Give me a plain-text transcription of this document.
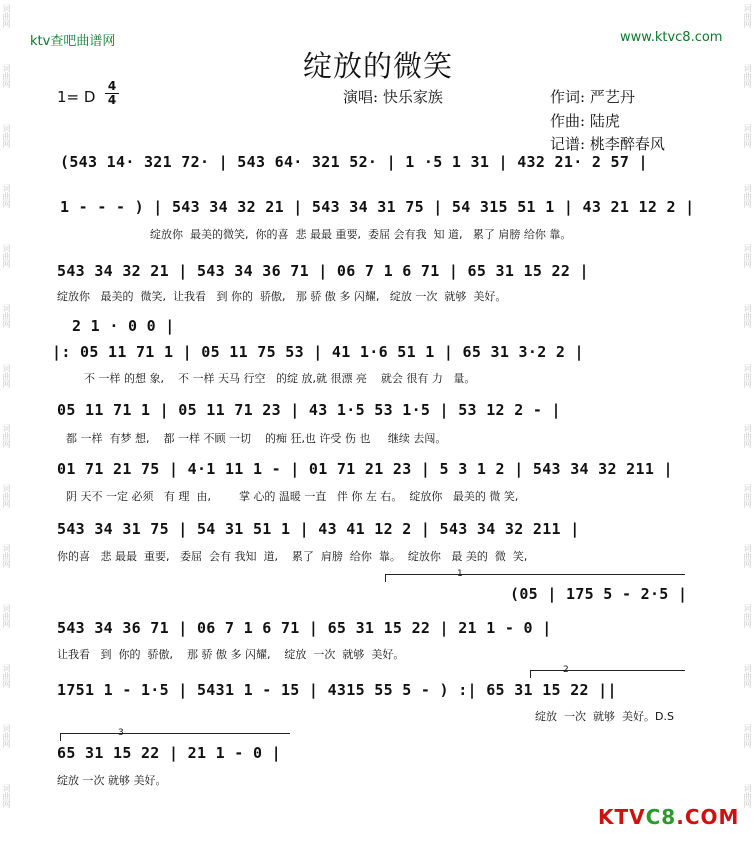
词曲网
词曲网
词曲网
词曲网
词曲网
词曲网
词曲网
词曲网
词曲网
词曲网
词曲网
词曲网
词曲网
词曲网
词曲网
词曲网
词曲网
词曲网
词曲网
词曲网
词曲网
词曲网
词曲网
词曲网
词曲网
词曲网
词曲网
词曲网
ktv查吧曲谱网	www.ktvc8.com
绽放的微笑
1= D
4
4	演唱: 快乐家族	作词: 严艺丹
作曲: 陆虎
记谱: 桃李醉春风
(543 14· 321 72· | 543 64· 321 52· | 1 ·5 1 31 | 432 21· 2 57 |
1 - - - ) | 543 34 32 21 | 543 34 31 75 | 54 315 51 1 | 43 21 12 2 |
绽放你  最美的微笑,  你的喜  悲 最最 重要,  委屈 会有我  知 道,   累了 肩膀 给你 靠。
543 34 32 21 | 543 34 36 71 | 06 7 1 6 71 | 65 31 15 22 |
绽放你   最美的  微笑,  让我看   到 你的  骄傲,   那 骄 傲 多 闪耀,   绽放 一次  就够  美好。
2 1 · 0 0 |
|: 05 11 71 1 | 05 11 75 53 | 41 1·6 51 1 | 65 31 3·2 2 |
不 一样 的想 象,    不 一样 天马 行空   的绽 放,就 很漂 亮    就会 很有 力   量。
05 11 71 1 | 05 11 71 23 | 43 1·5 53 1·5 | 53 12 2 - |
都 一样  有梦 想,    都 一样 不顾 一切    的痴 狂,也 许受 伤 也     继续 去闯。
01 71 21 75 | 4·1 11 1 - | 01 71 21 23 | 5 3 1 2 | 543 34 32 211 |
阴 天不 一定 必须   有 理  由,        掌 心的 温暖 一直   伴 你 左 右。  绽放你   最美的 微 笑,
543 34 31 75 | 54 31 51 1 | 43 41 12 2 | 543 34 32 211 |
你的喜   悲 最最  重要,   委屈  会有 我知  道,    累了  肩膀  给你  靠。  绽放你   最 美的  微  笑,
1
(05 | 175 5 - 2·5 |
543 34 36 71 | 06 7 1 6 71 | 65 31 15 22 | 21 1 - 0 |
让我看   到  你的  骄傲,    那 骄 傲 多 闪耀,    绽放  一次  就够  美好。
2
1751 1 - 1·5 | 5431 1 - 15 | 4315 55 5 - ) :| 65 31 15 22 ||
绽放  一次  就够  美好。D.S
3
65 31 15 22 | 21 1 - 0 |
绽放 一次 就够 美好。
KTVC8.COM
